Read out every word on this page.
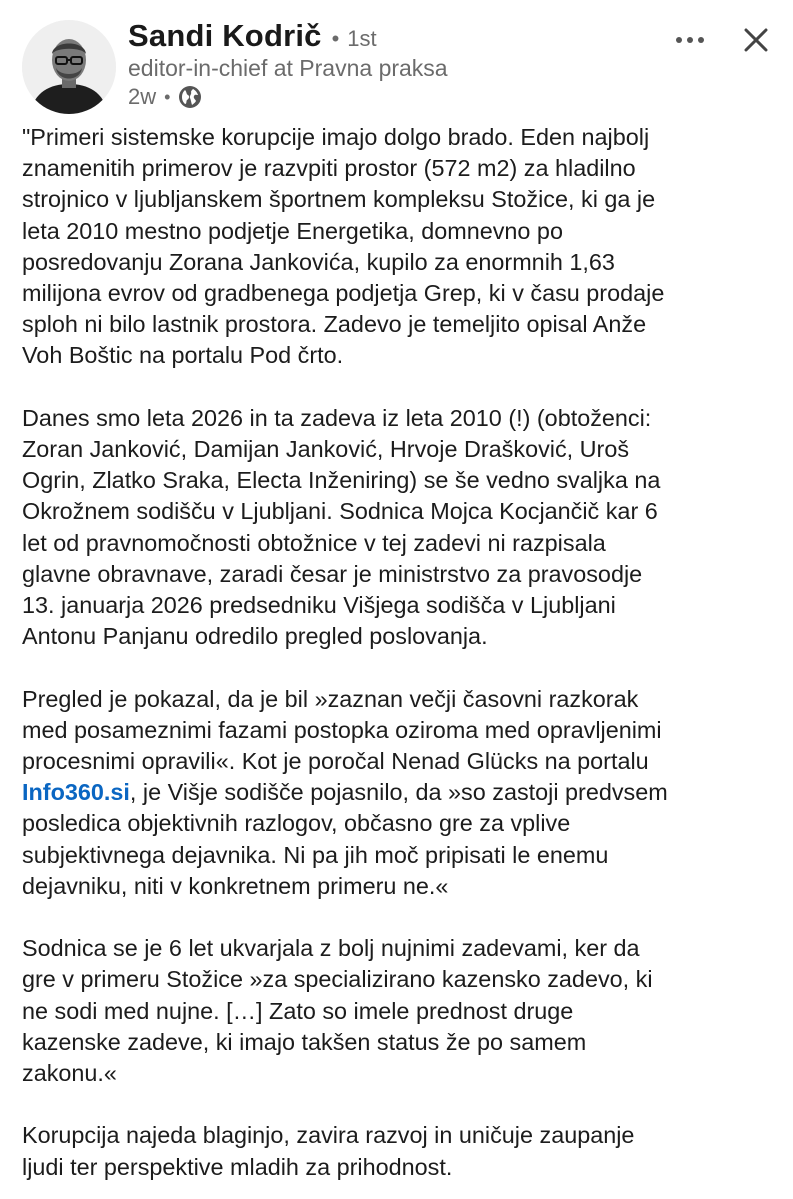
Sandi Kodrič • 1st
editor-in-chief at Pravna praksa
2w •

"Primeri sistemske korupcije imajo dolgo brado. Eden najbolj
znamenitih primerov je razvpiti prostor (572 m2) za hladilno
strojnico v ljubljanskem športnem kompleksu Stožice, ki ga je
leta 2010 mestno podjetje Energetika, domnevno po
posredovanju Zorana Jankovića, kupilo za enormnih 1,63
milijona evrov od gradbenega podjetja Grep, ki v času prodaje
sploh ni bilo lastnik prostora. Zadevo je temeljito opisal Anže
Voh Boštic na portalu Pod črto.

Danes smo leta 2026 in ta zadeva iz leta 2010 (!) (obtoženci:
Zoran Janković, Damijan Janković, Hrvoje Drašković, Uroš
Ogrin, Zlatko Sraka, Electa Inženiring) se še vedno svaljka na
Okrožnem sodišču v Ljubljani. Sodnica Mojca Kocjančič kar 6
let od pravnomočnosti obtožnice v tej zadevi ni razpisala
glavne obravnave, zaradi česar je ministrstvo za pravosodje
13. januarja 2026 predsedniku Višjega sodišča v Ljubljani
Antonu Panjanu odredilo pregled poslovanja.

Pregled je pokazal, da je bil »zaznan večji časovni razkorak
med posameznimi fazami postopka oziroma med opravljenimi
procesnimi opravili«. Kot je poročal Nenad Glücks na portalu
Info360.si, je Višje sodišče pojasnilo, da »so zastoji predvsem
posledica objektivnih razlogov, občasno gre za vplive
subjektivnega dejavnika. Ni pa jih moč pripisati le enemu
dejavniku, niti v konkretnem primeru ne.«

Sodnica se je 6 let ukvarjala z bolj nujnimi zadevami, ker da
gre v primeru Stožice »za specializirano kazensko zadevo, ki
ne sodi med nujne. […] Zato so imele prednost druge
kazenske zadeve, ki imajo takšen status že po samem
zakonu.«

Korupcija najeda blaginjo, zavira razvoj in uničuje zaupanje
ljudi ter perspektive mladih za prihodnost.
